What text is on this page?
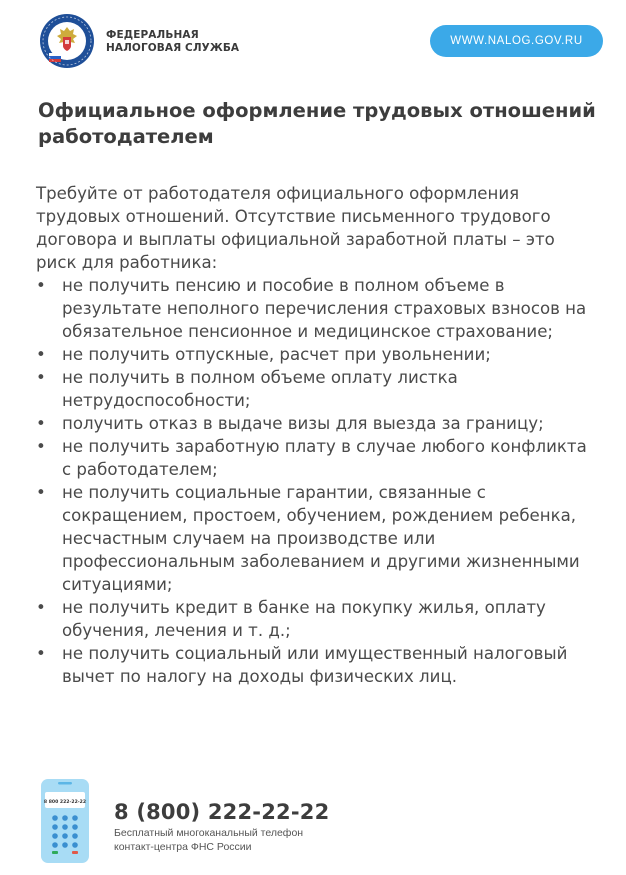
ФЕДЕРАЛЬНАЯ
НАЛОГОВАЯ СЛУЖБА
WWW.NALOG.GOV.RU
Официальное оформление трудовых отношений работодателем

Требуйте от работодателя официального оформления трудовых отношений. Отсутствие письменного трудового договора и выплаты официальной заработной платы – это риск для работника:

• не получить пенсию и пособие в полном объеме в результате неполного перечисления страховых взносов на обязательное пенсионное и медицинское страхование;
• не получить отпускные, расчет при увольнении;
• не получить в полном объеме оплату листка нетрудоспособности;
• получить отказ в выдаче визы для выезда за границу;
• не получить заработную плату в случае любого конфликта с работодателем;
• не получить социальные гарантии, связанные с сокращением, простоем, обучением, рождением ребенка, несчастным случаем на производстве или профессиональным заболеванием и другими жизненными ситуациями;
• не получить кредит в банке на покупку жилья, оплату обучения, лечения и т. д.;
• не получить социальный или имущественный налоговый вычет по налогу на доходы физических лиц.
8 800 222-22-22 8 (800) 222-22-22
Бесплатный многоканальный телефон
контакт-центра ФНС России
